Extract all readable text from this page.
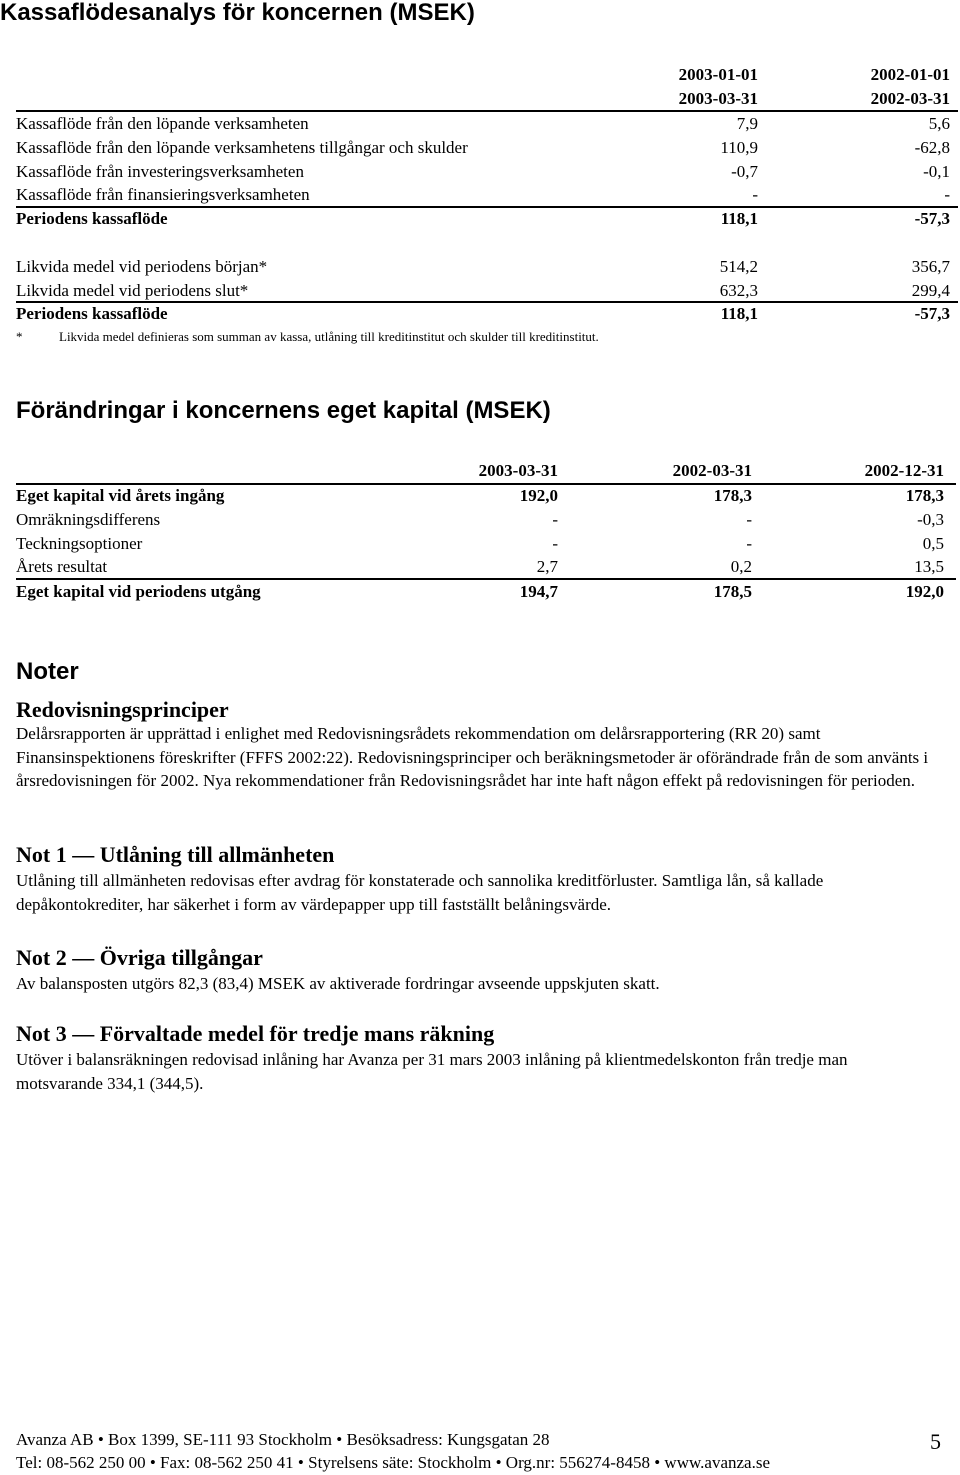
Kassaflödesanalys för koncernen (MSEK)
2003-01-01	2002-01-01
2003-03-31	2002-03-31
Kassaflöde från den löpande verksamheten	7,9	5,6
Kassaflöde från den löpande verksamhetens tillgångar och skulder	110,9	-62,8
Kassaflöde från investeringsverksamheten	-0,7	-0,1
Kassaflöde från finansieringsverksamheten	-	-
Periodens kassaflöde	118,1	-57,3
Likvida medel vid periodens början*	514,2	356,7
Likvida medel vid periodens slut*	632,3	299,4
Periodens kassaflöde	118,1	-57,3
*	Likvida medel definieras som summan av kassa, utlåning till kreditinstitut och skulder till kreditinstitut.
Förändringar i koncernens eget kapital (MSEK)
2003-03-31	2002-03-31	2002-12-31
Eget kapital vid årets ingång	192,0	178,3	178,3
Omräkningsdifferens	-	-	-0,3
Teckningsoptioner	-	-	0,5
Årets resultat	2,7	0,2	13,5
Eget kapital vid periodens utgång	194,7	178,5	192,0
Noter
Redovisningsprinciper
Delårsrapporten är upprättad i enlighet med Redovisningsrådets rekommendation om delårsrapportering (RR 20) samt Finansinspektionens föreskrifter (FFFS 2002:22). Redovisningsprinciper och beräkningsmetoder är oförändrade från de som använts i årsredovisningen för 2002. Nya rekommendationer från Redovisningsrådet har inte haft någon effekt på redovisningen för perioden.
Not 1 — Utlåning till allmänheten
Utlåning till allmänheten redovisas efter avdrag för konstaterade och sannolika kreditförluster. Samtliga lån, så kallade depåkontokrediter, har säkerhet i form av värdepapper upp till fastställt belåningsvärde.
Not 2 — Övriga tillgångar
Av balansposten utgörs 82,3 (83,4) MSEK av aktiverade fordringar avseende uppskjuten skatt.
Not 3 — Förvaltade medel för tredje mans räkning
Utöver i balansräkningen redovisad inlåning har Avanza per 31 mars 2003 inlåning på klientmedelskonton från tredje man motsvarande 334,1 (344,5).
Avanza AB • Box 1399, SE-111 93 Stockholm • Besöksadress: Kungsgatan 28
Tel: 08-562 250 00 • Fax: 08-562 250 41 • Styrelsens säte: Stockholm • Org.nr: 556274-8458 • www.avanza.se
5
